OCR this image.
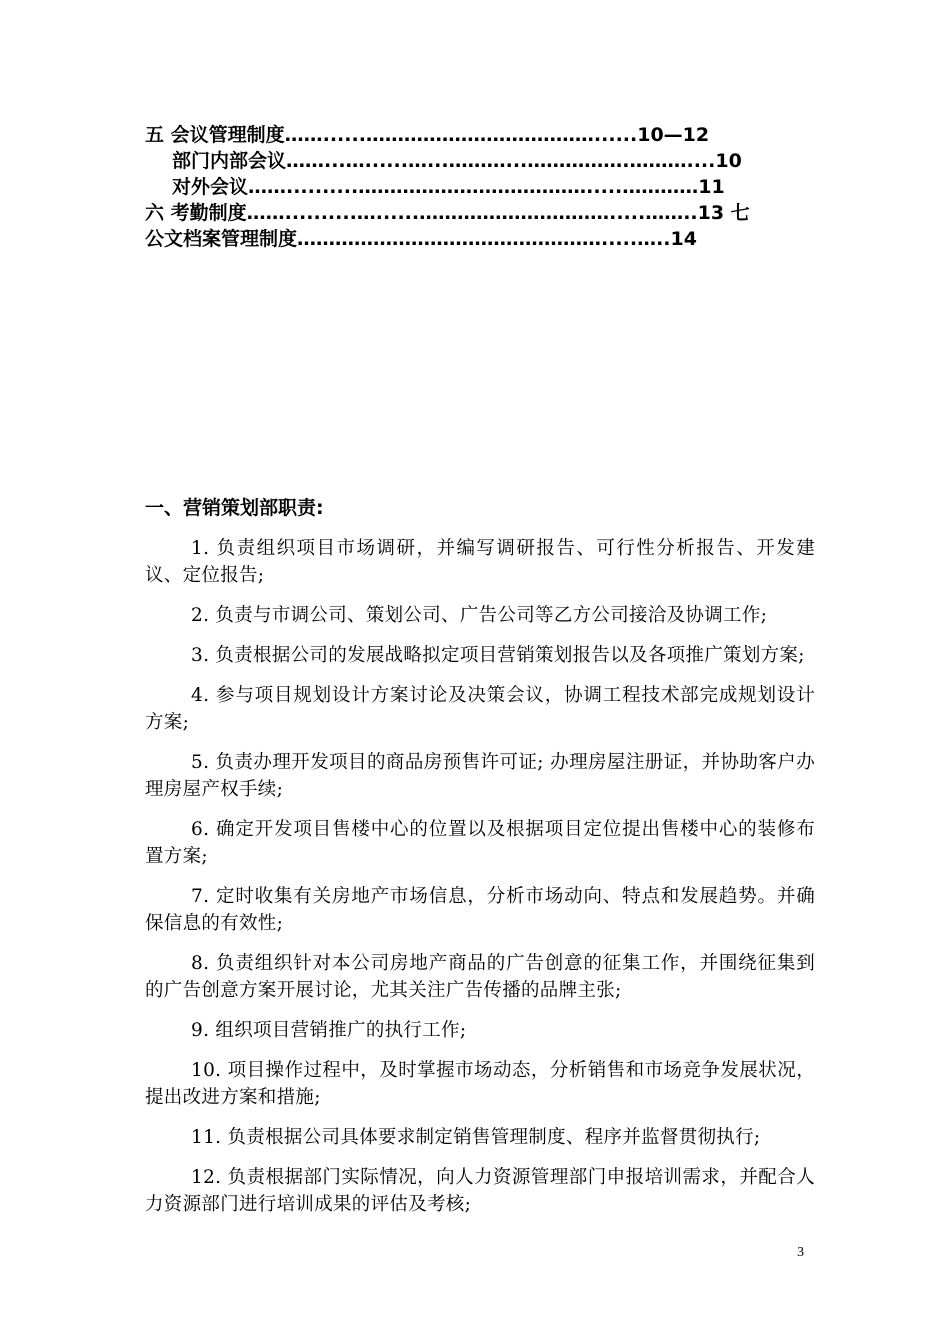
五 会议管理制度……......………………………………......10—12
部门内部会议……...…......…...………...…………….………....10
对外会议……..........……………………………….....…………11
六 考勤制度……..........…......………………………….....……..13 七
公文档案管理制度………………………………………….....…..14
一、营销策划部职责:

1. 负责组织项目市场调研，并编写调研报告、可行性分析报告、开发建议、定位报告;

2. 负责与市调公司、策划公司、广告公司等乙方公司接洽及协调工作;

3. 负责根据公司的发展战略拟定项目营销策划报告以及各项推广策划方案;

4. 参与项目规划设计方案讨论及决策会议，协调工程技术部完成规划设计方案;

5. 负责办理开发项目的商品房预售许可证; 办理房屋注册证，并协助客户办理房屋产权手续;

6. 确定开发项目售楼中心的位置以及根据项目定位提出售楼中心的装修布置方案;

7. 定时收集有关房地产市场信息，分析市场动向、特点和发展趋势。并确保信息的有效性;

8. 负责组织针对本公司房地产商品的广告创意的征集工作，并围绕征集到的广告创意方案开展讨论，尤其关注广告传播的品牌主张;

9. 组织项目营销推广的执行工作;

10. 项目操作过程中，及时掌握市场动态，分析销售和市场竞争发展状况，提出改进方案和措施;

11. 负责根据公司具体要求制定销售管理制度、程序并监督贯彻执行;

12. 负责根据部门实际情况，向人力资源管理部门申报培训需求，并配合人力资源部门进行培训成果的评估及考核;

3
